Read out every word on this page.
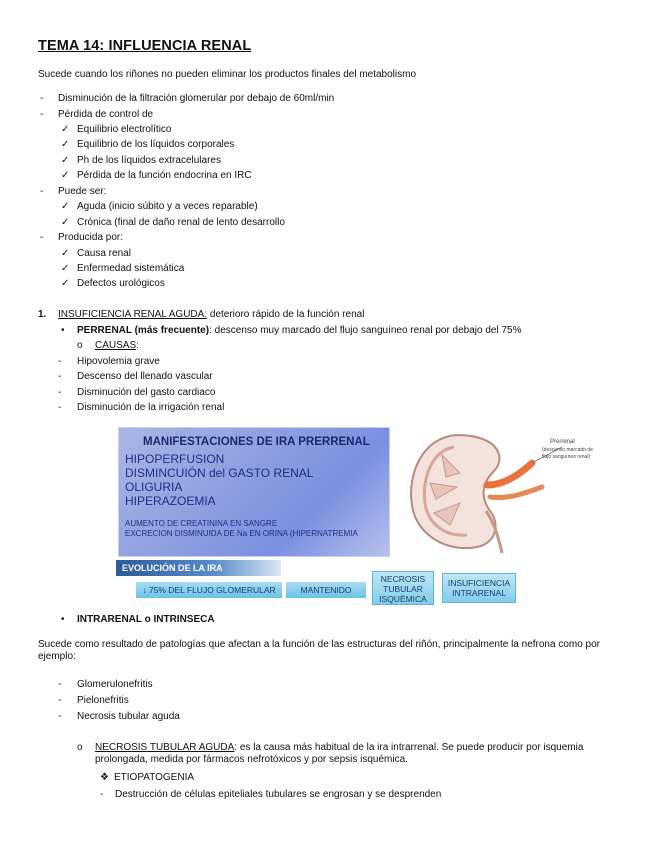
TEMA 14: INFLUENCIA RENAL
Sucede cuando los riñones no pueden eliminar los productos finales del metabolismo
- Disminución de la filtración glomerular por debajo de 60ml/min
- Pérdida de control de
✓ Equilibrio electrolítico
✓ Equilibrio de los líquidos corporales
✓ Ph de los líquidos extracelulares
✓ Pérdida de la función endocrina en IRC
- Puede ser:
✓ Aguda (inicio súbito y a veces reparable)
✓ Crónica (final de daño renal de lento desarrollo
- Producida por:
✓ Causa renal
✓ Enfermedad sistemática
✓ Defectos urológicos
1. INSUFICIENCIA RENAL AGUDA: deterioro rápido de la función renal
• PERRENAL (más frecuente): descenso muy marcado del flujo sanguíneo renal por debajo del 75%
o CAUSAS:
- Hipovolemia grave
- Descenso del llenado vascular
- Disminución del gasto cardiaco
- Disminución de la irrigación renal
MANIFESTACIONES DE IRA PRERRENAL
HIPOPERFUSION
DISMINCUIÓN del GASTO RENAL
OLIGURIA
HIPERAZOEMIA
AUMENTO DE CREATININA EN SANGRE
EXCRECION DISMINUIDA DE Na EN ORINA (HIPERNATREMIA
Prerrenal
(descenso marcado de
flujo sanguíneo renal)
EVOLUCIÓN DE LA IRA
↓ 75% DEL FLUJO GLOMERULAR	MANTENIDO
NECROSIS TUBULAR ISQUÉMICA
INSUFICIENCIA INTRARENAL
• INTRARENAL o INTRINSECA
Sucede como resultado de patologías que afectan a la función de las estructuras del riñón, principalmente la nefrona como por ejemplo:
- Glomerulonefritis
- Pielonefritis
- Necrosis tubular aguda
o NECROSIS TUBULAR AGUDA: es la causa más habitual de la ira intrarrenal. Se puede producir por isquemia prolongada, medida por fármacos nefrotóxicos y por sepsis isquémica.
❖ ETIOPATOGENIA
- Destrucción de células epiteliales tubulares se engrosan y se desprenden
